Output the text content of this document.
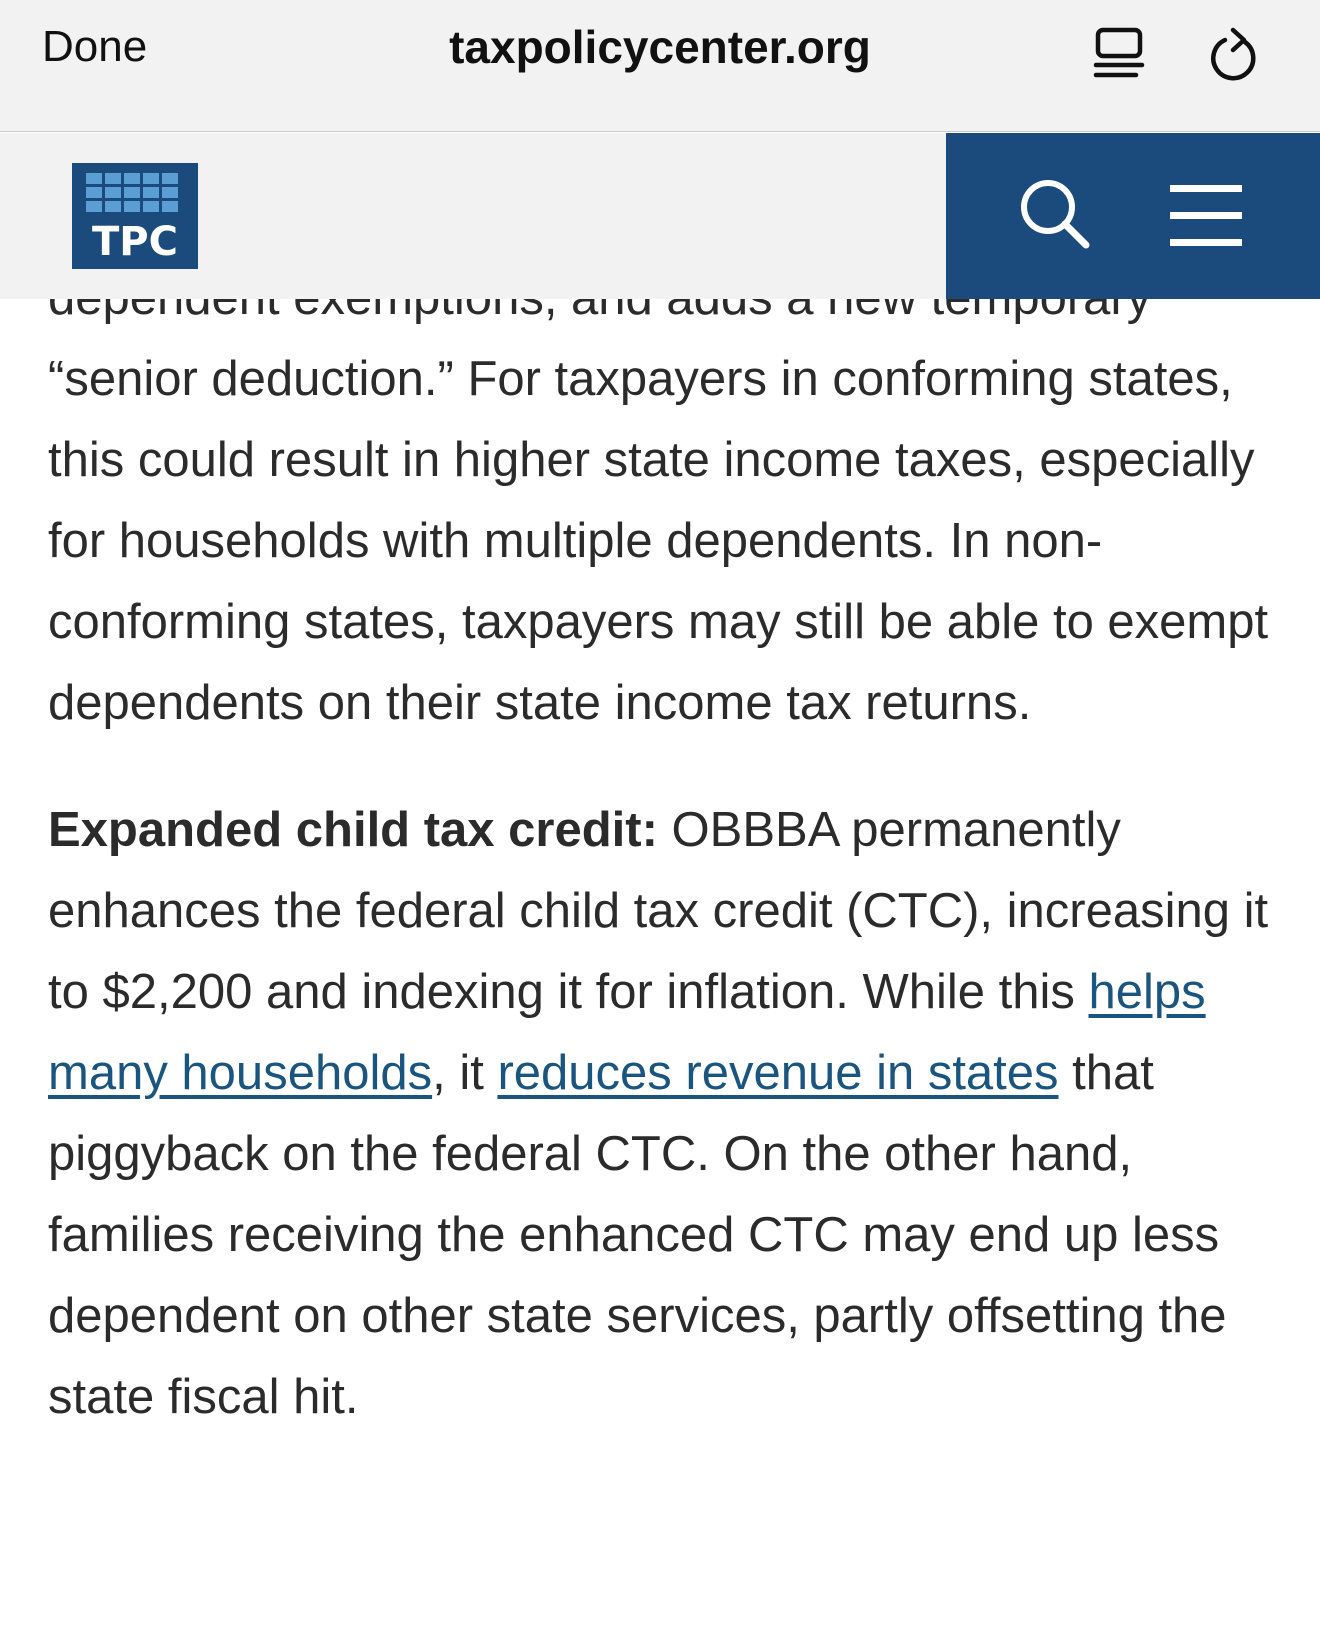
Done	taxpolicycenter.org

“senior deduction.” For taxpayers in conforming states, this could result in higher state income taxes, especially for households with multiple dependents. In non-conforming states, taxpayers may still be able to exempt dependents on their state income tax returns.

Expanded child tax credit: OBBBA permanently enhances the federal child tax credit (CTC), increasing it to $2,200 and indexing it for inflation. While this helps many households, it reduces revenue in states that piggyback on the federal CTC. On the other hand, families receiving the enhanced CTC may end up less dependent on other state services, partly offsetting the state fiscal hit.

TPC
